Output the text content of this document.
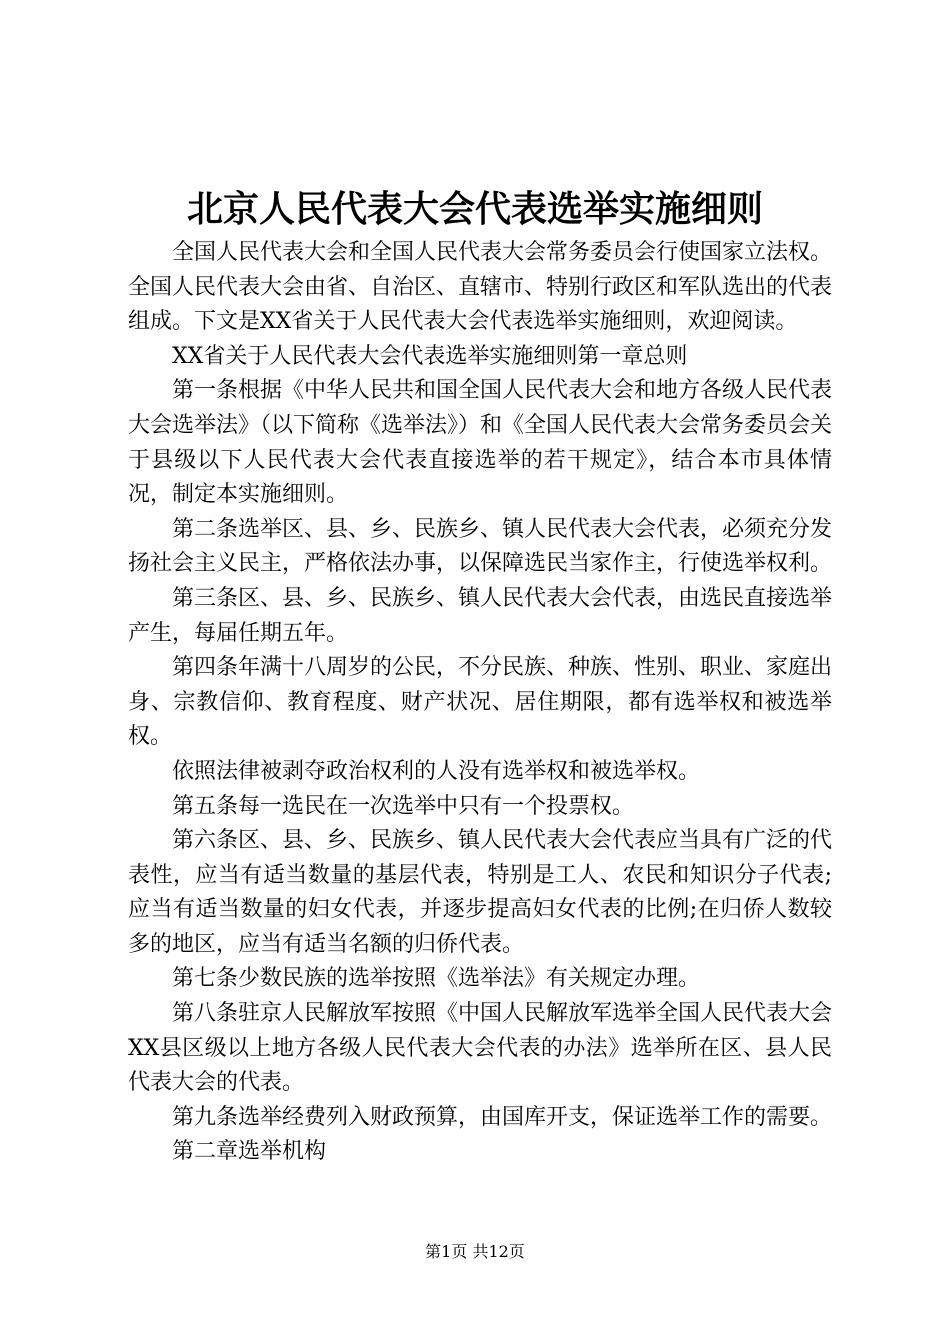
北京人民代表大会代表选举实施细则

全国人民代表大会和全国人民代表大会常务委员会行使国家立法权。全国人民代表大会由省、自治区、直辖市、特别行政区和军队选出的代表组成。下文是XX省关于人民代表大会代表选举实施细则，欢迎阅读。

XX省关于人民代表大会代表选举实施细则第一章总则

第一条根据《中华人民共和国全国人民代表大会和地方各级人民代表大会选举法》（以下简称《选举法》）和《全国人民代表大会常务委员会关于县级以下人民代表大会代表直接选举的若干规定》，结合本市具体情况，制定本实施细则。

第二条选举区、县、乡、民族乡、镇人民代表大会代表，必须充分发扬社会主义民主，严格依法办事，以保障选民当家作主，行使选举权利。

第三条区、县、乡、民族乡、镇人民代表大会代表，由选民直接选举产生，每届任期五年。

第四条年满十八周岁的公民，不分民族、种族、性别、职业、家庭出身、宗教信仰、教育程度、财产状况、居住期限，都有选举权和被选举权。

依照法律被剥夺政治权利的人没有选举权和被选举权。

第五条每一选民在一次选举中只有一个投票权。

第六条区、县、乡、民族乡、镇人民代表大会代表应当具有广泛的代表性，应当有适当数量的基层代表，特别是工人、农民和知识分子代表;应当有适当数量的妇女代表，并逐步提高妇女代表的比例;在归侨人数较多的地区，应当有适当名额的归侨代表。

第七条少数民族的选举按照《选举法》有关规定办理。

第八条驻京人民解放军按照《中国人民解放军选举全国人民代表大会XX县区级以上地方各级人民代表大会代表的办法》选举所在区、县人民代表大会的代表。

第九条选举经费列入财政预算，由国库开支，保证选举工作的需要。

第二章选举机构

第1页 共12页
